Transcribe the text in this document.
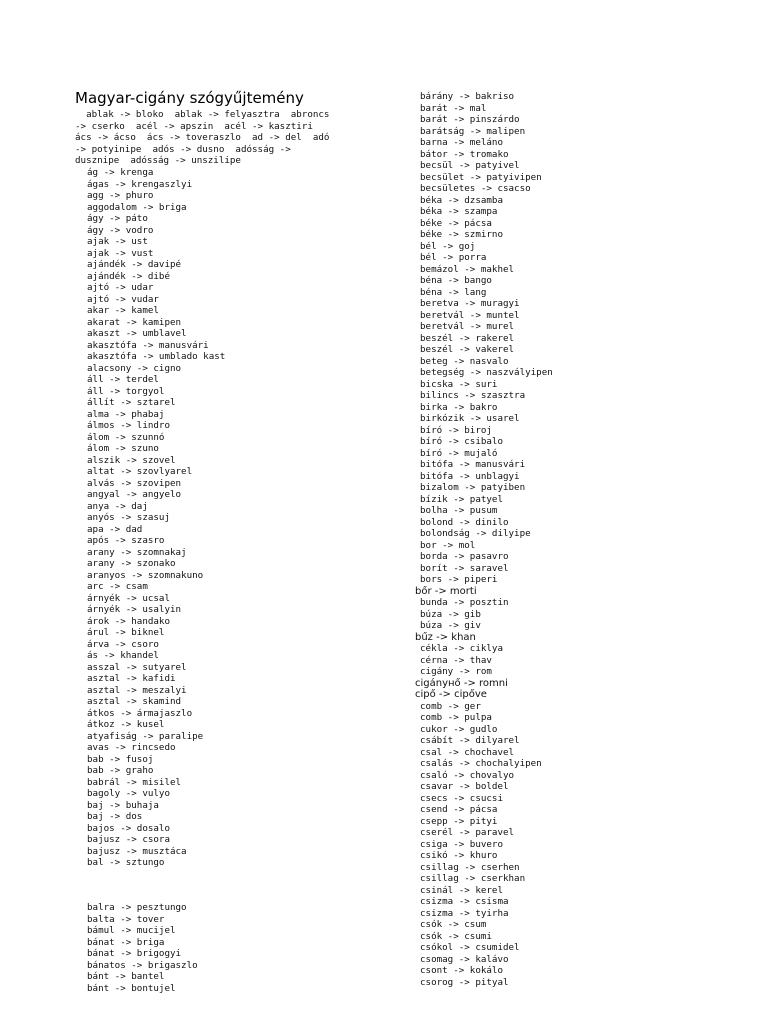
Magyar-cigány szógyűjtemény
ablak -> bloko  ablak -> felyasztra  abroncs
-> cserko  acél -> apszin  acél -> kasztiri
ács -> ácso  ács -> toveraszlo  ad -> del  adó
-> potyinipe  adós -> dusno  adósság ->
dusznipe  adósság -> unszilipe
ág -> krenga
ágas -> krengaszlyi
agg -> phuro
aggodalom -> briga
ágy -> páto
ágy -> vodro
ajak -> ust
ajak -> vust
ajándék -> davipé
ajándék -> dibé
ajtó -> udar
ajtó -> vudar
akar -> kamel
akarat -> kamipen
akaszt -> umblavel
akasztófa -> manusvári
akasztófa -> umblado kast
alacsony -> cigno
áll -> terdel
áll -> torgyol
állít -> sztarel
alma -> phabaj
álmos -> lindro
álom -> szunnó
álom -> szuno
alszik -> szovel
altat -> szovlyarel
alvás -> szovipen
angyal -> angyelo
anya -> daj
anyós -> szasuj
apa -> dad
após -> szasro
arany -> szomnakaj
arany -> szonako
aranyos -> szomnakuno
arc -> csam
árnyék -> ucsal
árnyék -> usalyin
árok -> handako
árul -> biknel
árva -> csoro
ás -> khandel
asszal -> sutyarel
asztal -> kafidi
asztal -> meszalyi
asztal -> skamind
átkos -> ármajaszlo
átkoz -> kusel
atyafiság -> paralipe
avas -> rincsedo
bab -> fusoj
bab -> graho
babrál -> misilel
bagoly -> vulyo
baj -> buhaja
baj -> dos
bajos -> dosalo
bajusz -> csora
bajusz -> musztáca
bal -> sztungo
balra -> pesztungo
balta -> tover
bámul -> mucijel
bánat -> briga
bánat -> brigogyi
bánatos -> brigaszlo
bánt -> bantel
bánt -> bontujel
bárány -> bakriso
barát -> mal
barát -> pinszárdo
barátság -> malipen
barna -> meláno
bátor -> tromako
becsül -> patyivel
becsület -> patyivipen
becsületes -> csacso
béka -> dzsamba
béka -> szampa
béke -> pácsa
béke -> szmirno
bél -> goj
bél -> porra
bemázol -> makhel
béna -> bango
béna -> lang
beretva -> muragyi
beretvál -> muntel
beretvál -> murel
beszél -> rakerel
beszél -> vakerel
beteg -> nasvalo
betegség -> naszvályipen
bicska -> suri
bilincs -> szasztra
birka -> bakro
birkózik -> usarel
bíró -> biroj
bíró -> csibalo
bíró -> mujaló
bitófa -> manusvári
bitófa -> unblagyi
bizalom -> patyiben
bízik -> patyel
bolha -> pusum
bolond -> dinilo
bolondság -> dilyipe
bor -> mol
borda -> pasavro
borít -> saravel
bors -> piperi
bőr -> morti
bunda -> posztin
búza -> gib
búza -> giv
bűz -> khan
cékla -> ciklya
cérna -> thav
cigány -> rom
cigányнő -> romni
cipő -> cipőve
comb -> ger
comb -> pulpa
cukor -> gudlo
csábít -> dilyarel
csal -> chochavel
csalás -> chochalyipen
csaló -> chovalyo
csavar -> boldel
csecs -> csucsi
csend -> pácsa
csepp -> pityi
cserél -> paravel
csiga -> buvero
csikó -> khuro
csillag -> cserhen
csillag -> cserkhan
csinál -> kerel
csizma -> csisma
csizma -> tyirha
csók -> csum
csók -> csumi
csókol -> csumidel
csomag -> kalávo
csont -> kokálo
csorog -> pityal
